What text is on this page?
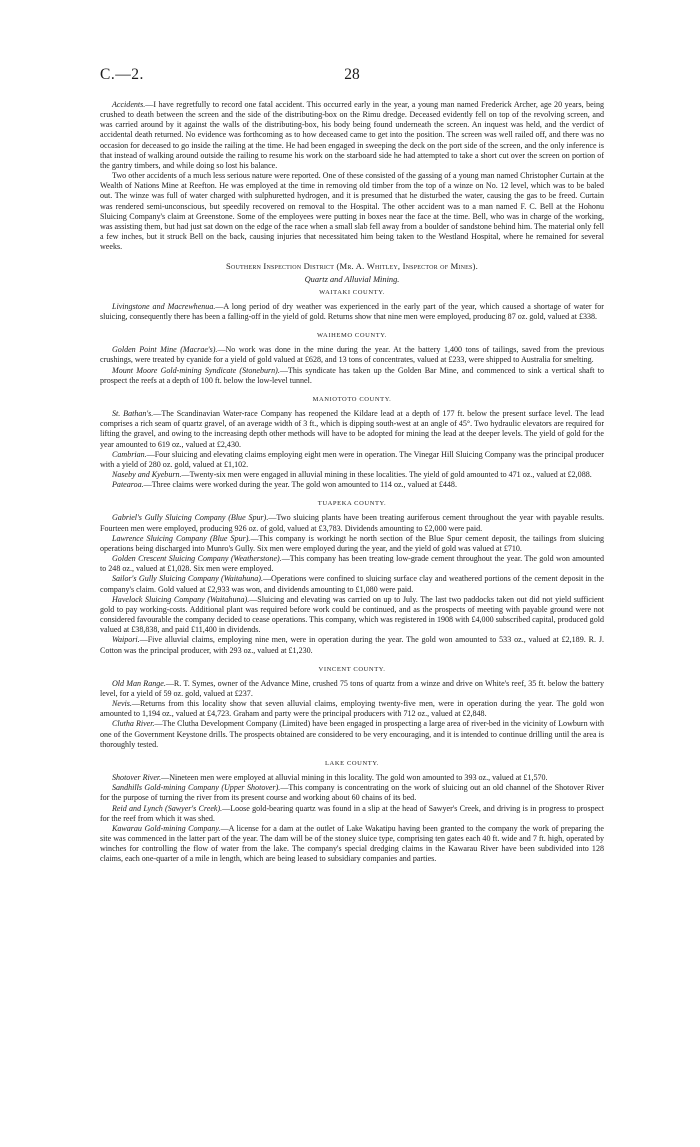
C.—2.	28

Accidents.—I have regretfully to record one fatal accident. This occurred early in the year, a young man named Frederick Archer, age 20 years, being crushed to death between the screen and the side of the distributing-box on the Rimu dredge. Deceased evidently fell on top of the revolving screen, and was carried around by it against the walls of the distributing-box, his body being found underneath the screen. An inquest was held, and the verdict of accidental death returned. No evidence was forthcoming as to how deceased came to get into the position. The screen was well railed off, and there was no occasion for deceased to go inside the railing at the time. He had been engaged in sweeping the deck on the port side of the screen, and the only inference is that instead of walking around outside the railing to resume his work on the starboard side he had attempted to take a short cut over the screen on portion of the gantry timbers, and while doing so lost his balance.

Two other accidents of a much less serious nature were reported. One of these consisted of the gassing of a young man named Christopher Curtain at the Wealth of Nations Mine at Reefton. He was employed at the time in removing old timber from the top of a winze on No. 12 level, which was to be baled out. The winze was full of water charged with sulphuretted hydrogen, and it is presumed that he disturbed the water, causing the gas to be freed. Curtain was rendered semi-unconscious, but speedily recovered on removal to the Hospital. The other accident was to a man named F. C. Bell at the Hohonu Sluicing Company's claim at Greenstone. Some of the employees were putting in boxes near the face at the time. Bell, who was in charge of the working, was assisting them, but had just sat down on the edge of the race when a small slab fell away from a boulder of sandstone behind him. The material only fell a few inches, but it struck Bell on the back, causing injuries that necessitated him being taken to the Westland Hospital, where he remained for several weeks.

Southern Inspection District (Mr. A. Whitley, Inspector of Mines).
Quartz and Alluvial Mining.
WAITAKI COUNTY.

Livingstone and Macrewhenua.—A long period of dry weather was experienced in the early part of the year, which caused a shortage of water for sluicing, consequently there has been a falling-off in the yield of gold. Returns show that nine men were employed, producing 87 oz. gold, valued at £338.

WAIHEMO COUNTY.

Golden Point Mine (Macrae's).—No work was done in the mine during the year. At the battery 1,400 tons of tailings, saved from the previous crushings, were treated by cyanide for a yield of gold valued at £628, and 13 tons of concentrates, valued at £233, were shipped to Australia for smelting.

Mount Moore Gold-mining Syndicate (Stoneburn).—This syndicate has taken up the Golden Bar Mine, and commenced to sink a vertical shaft to prospect the reefs at a depth of 100 ft. below the low-level tunnel.

MANIOTOTO COUNTY.

St. Bathan's.—The Scandinavian Water-race Company has reopened the Kildare lead at a depth of 177 ft. below the present surface level. The lead comprises a rich seam of quartz gravel, of an average width of 3 ft., which is dipping south-west at an angle of 45°. Two hydraulic elevators are required for lifting the gravel, and owing to the increasing depth other methods will have to be adopted for mining the lead at the deeper levels. The yield of gold for the year amounted to 619 oz., valued at £2,430.

Cambrian.—Four sluicing and elevating claims employing eight men were in operation. The Vinegar Hill Sluicing Company was the principal producer with a yield of 280 oz. gold, valued at £1,102.

Naseby and Kyeburn.—Twenty-six men were engaged in alluvial mining in these localities. The yield of gold amounted to 471 oz., valued at £2,088.

Patearoa.—Three claims were worked during the year. The gold won amounted to 114 oz., valued at £448.

TUAPEKA COUNTY.

Gabriel's Gully Sluicing Company (Blue Spur).—Two sluicing plants have been treating auriferous cement throughout the year with payable results. Fourteen men were employed, producing 926 oz. of gold, valued at £3,783. Dividends amounting to £2,000 were paid.

Lawrence Sluicing Company (Blue Spur).—This company is workingt he north section of the Blue Spur cement deposit, the tailings from sluicing operations being discharged into Munro's Gully. Six men were employed during the year, and the yield of gold was valued at £710.

Golden Crescent Sluicing Company (Weatherstone).—This company has been treating low-grade cement throughout the year. The gold won amounted to 248 oz., valued at £1,028. Six men were employed.

Sailor's Gully Sluicing Company (Waitahuna).—Operations were confined to sluicing surface clay and weathered portions of the cement deposit in the company's claim. Gold valued at £2,933 was won, and dividends amounting to £1,080 were paid.

Havelock Sluicing Company (Waitahuna).—Sluicing and elevating was carried on up to July. The last two paddocks taken out did not yield sufficient gold to pay working-costs. Additional plant was required before work could be continued, and as the prospects of meeting with payable ground were not considered favourable the company decided to cease operations. This company, which was registered in 1908 with £4,000 subscribed capital, produced gold valued at £38,838, and paid £11,400 in dividends.

Waipori.—Five alluvial claims, employing nine men, were in operation during the year. The gold won amounted to 533 oz., valued at £2,189. R. J. Cotton was the principal producer, with 293 oz., valued at £1,230.

VINCENT COUNTY.

Old Man Range.—R. T. Symes, owner of the Advance Mine, crushed 75 tons of quartz from a winze and drive on White's reef, 35 ft. below the battery level, for a yield of 59 oz. gold, valued at £237.

Nevis.—Returns from this locality show that seven alluvial claims, employing twenty-five men, were in operation during the year. The gold won amounted to 1,194 oz., valued at £4,723. Graham and party were the principal producers with 712 oz., valued at £2,848.

Clutha River.—The Clutha Development Company (Limited) have been engaged in prospecting a large area of river-bed in the vicinity of Lowburn with one of the Government Keystone drills. The prospects obtained are considered to be very encouraging, and it is intended to continue drilling until the area is thoroughly tested.

LAKE COUNTY.

Shotover River.—Nineteen men were employed at alluvial mining in this locality. The gold won amounted to 393 oz., valued at £1,570.

Sandhills Gold-mining Company (Upper Shotover).—This company is concentrating on the work of sluicing out an old channel of the Shotover River for the purpose of turning the river from its present course and working about 60 chains of its bed.

Reid and Lynch (Sawyer's Creek).—Loose gold-bearing quartz was found in a slip at the head of Sawyer's Creek, and driving is in progress to prospect for the reef from which it was shed.

Kawarau Gold-mining Company.—A license for a dam at the outlet of Lake Wakatipu having been granted to the company the work of preparing the site was commenced in the latter part of the year. The dam will be of the stoney sluice type, comprising ten gates each 40 ft. wide and 7 ft. high, operated by winches for controlling the flow of water from the lake. The company's special dredging claims in the Kawarau River have been subdivided into 128 claims, each one-quarter of a mile in length, which are being leased to subsidiary companies and parties.
